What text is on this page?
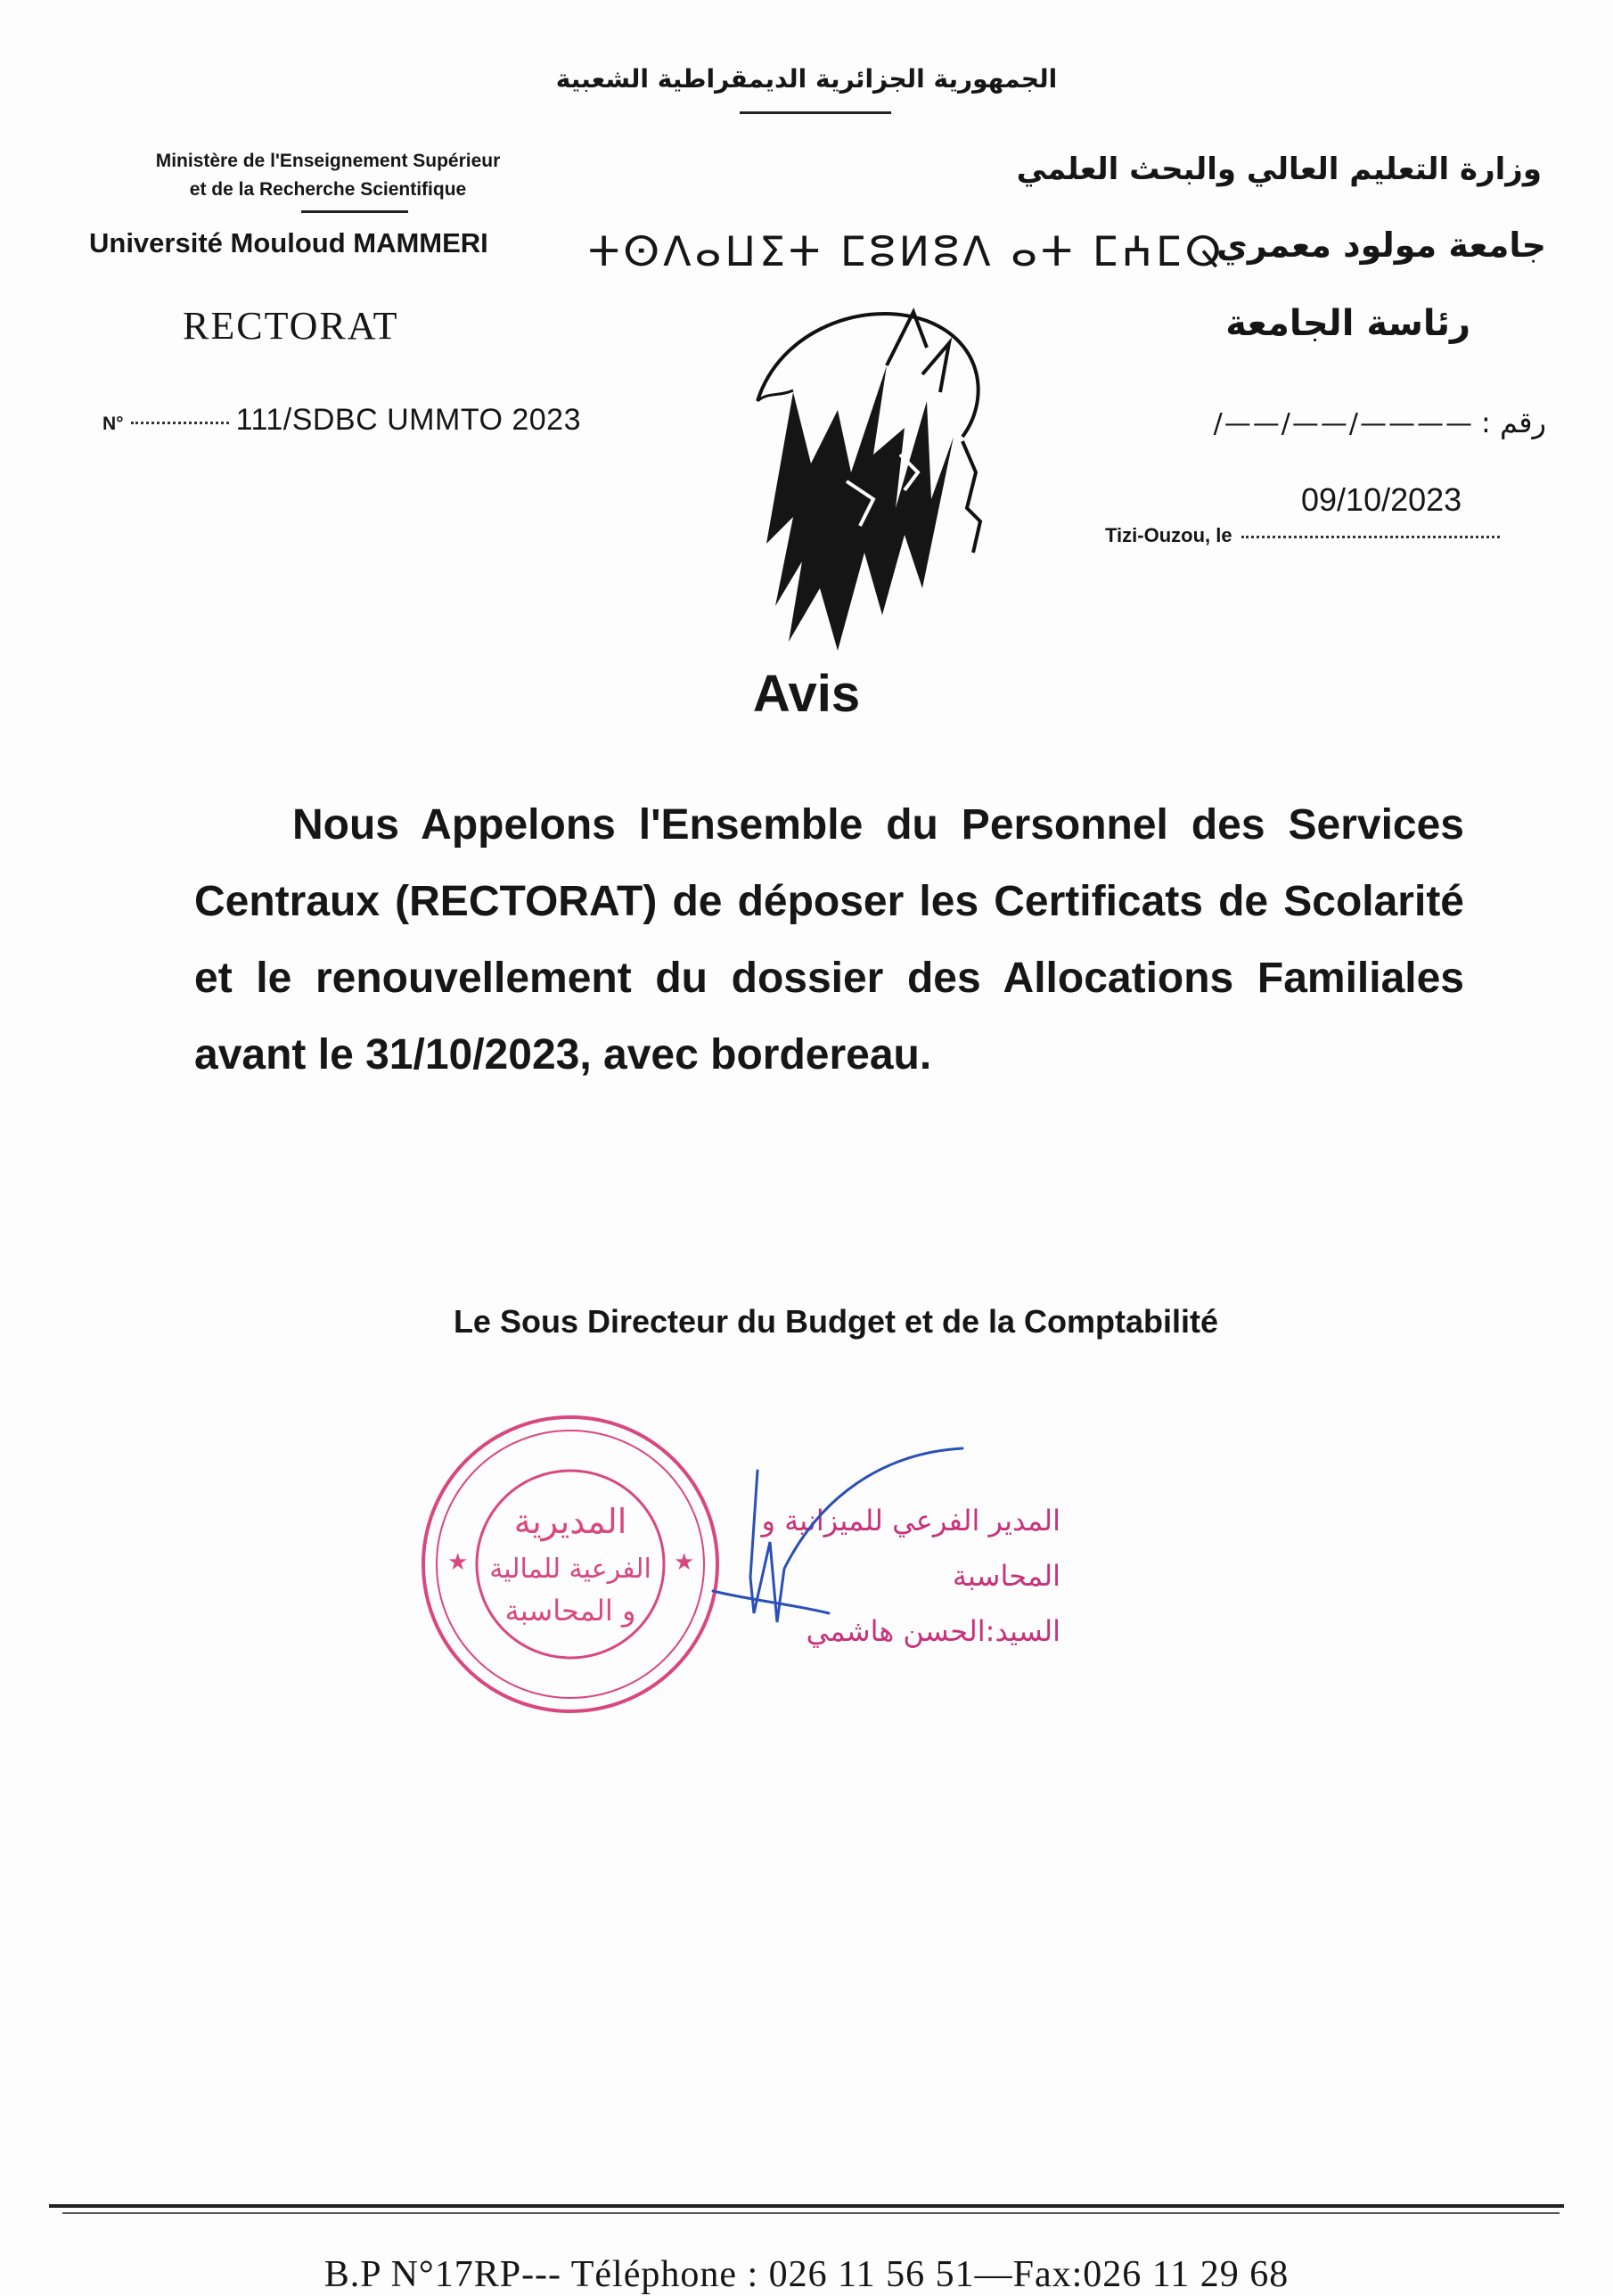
الجمهورية الجزائرية الديمقراطية الشعبية
Ministère de l'Enseignement Supérieur
et de la Recherche Scientifique
Université Mouloud MAMMERI ⵜⵙⴷⴰⵡⵉⵜ ⵎⵓⵍⵓⴷ ⴰⵜ ⵎⵄⵎⵕ
RECTORAT
وزارة التعليم العالي والبحث العلمي
جامعة مولود معمري
رئاسة الجامعة
رقم :
/——/——/————
N°	111/SDBC UMMTO 2023
09/10/2023
Tizi-Ouzou, le
Avis
Nous Appelons l'Ensemble du Personnel des Services Centraux (RECTORAT) de déposer les Certificats de Scolarité et le renouvellement du dossier des Allocations Familiales avant le 31/10/2023, avec bordereau.
Le Sous Directeur du Budget et de la Comptabilité
★	★
المديرية
الفرعية للمالية
و المحاسبة
المدير الفرعي للميزانية و المحاسبة
السيد:الحسن هاشمي
B.P N°17RP--- Téléphone : 026 11 56 51—Fax:026 11 29 68
